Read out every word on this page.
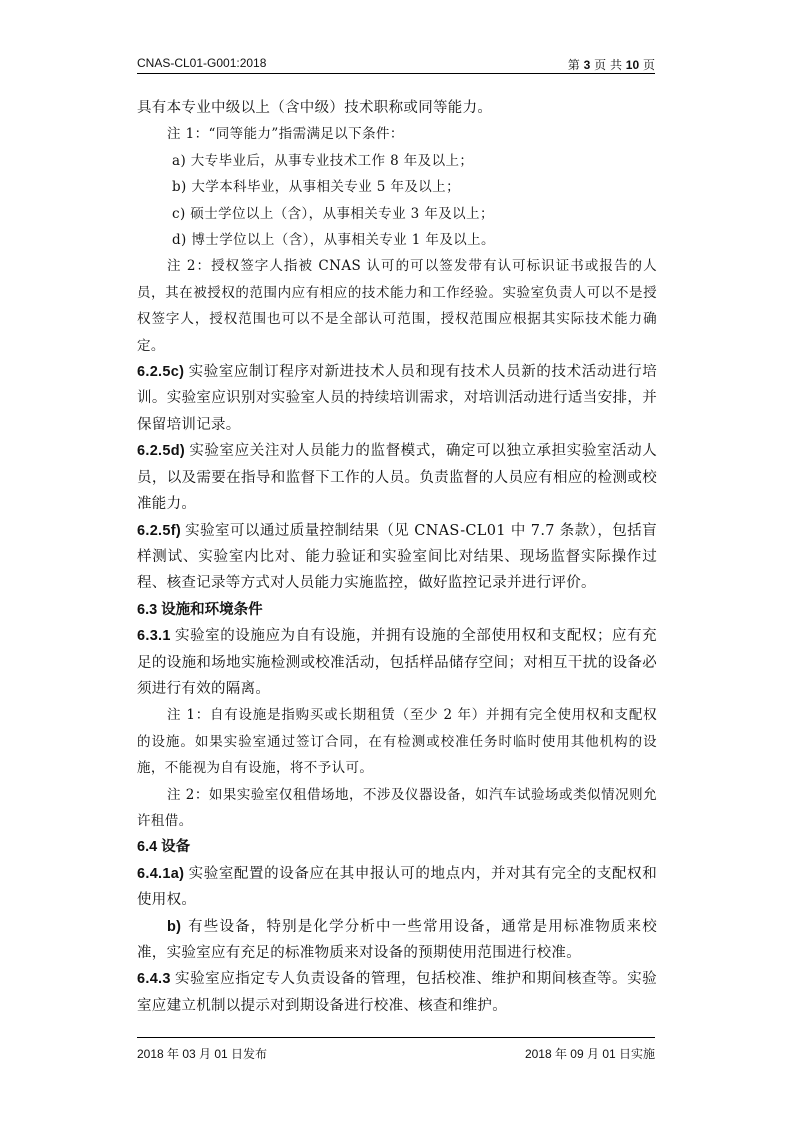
CNAS-CL01-G001:2018	第 3 页 共 10 页

具有本专业中级以上（含中级）技术职称或同等能力。

注 1：“同等能力”指需满足以下条件：

a) 大专毕业后，从事专业技术工作 8 年及以上；

b) 大学本科毕业，从事相关专业 5 年及以上；

c) 硕士学位以上（含），从事相关专业 3 年及以上；

d) 博士学位以上（含），从事相关专业 1 年及以上。

注 2：授权签字人指被 CNAS 认可的可以签发带有认可标识证书或报告的人员，其在被授权的范围内应有相应的技术能力和工作经验。实验室负责人可以不是授权签字人，授权范围也可以不是全部认可范围，授权范围应根据其实际技术能力确定。

6.2.5c) 实验室应制订程序对新进技术人员和现有技术人员新的技术活动进行培训。实验室应识别对实验室人员的持续培训需求，对培训活动进行适当安排，并保留培训记录。

6.2.5d) 实验室应关注对人员能力的监督模式，确定可以独立承担实验室活动人员，以及需要在指导和监督下工作的人员。负责监督的人员应有相应的检测或校准能力。

6.2.5f) 实验室可以通过质量控制结果（见 CNAS-CL01 中 7.7 条款），包括盲样测试、实验室内比对、能力验证和实验室间比对结果、现场监督实际操作过程、核查记录等方式对人员能力实施监控，做好监控记录并进行评价。

6.3 设施和环境条件

6.3.1 实验室的设施应为自有设施，并拥有设施的全部使用权和支配权；应有充足的设施和场地实施检测或校准活动，包括样品储存空间；对相互干扰的设备必须进行有效的隔离。

注 1：自有设施是指购买或长期租赁（至少 2 年）并拥有完全使用权和支配权的设施。如果实验室通过签订合同，在有检测或校准任务时临时使用其他机构的设施，不能视为自有设施，将不予认可。

注 2：如果实验室仅租借场地，不涉及仪器设备，如汽车试验场或类似情况则允许租借。

6.4 设备

6.4.1a) 实验室配置的设备应在其申报认可的地点内，并对其有完全的支配权和使用权。

b) 有些设备，特别是化学分析中一些常用设备，通常是用标准物质来校准，实验室应有充足的标准物质来对设备的预期使用范围进行校准。

6.4.3 实验室应指定专人负责设备的管理，包括校准、维护和期间核查等。实验室应建立机制以提示对到期设备进行校准、核查和维护。

2018 年 03 月 01 日发布	2018 年 09 月 01 日实施
